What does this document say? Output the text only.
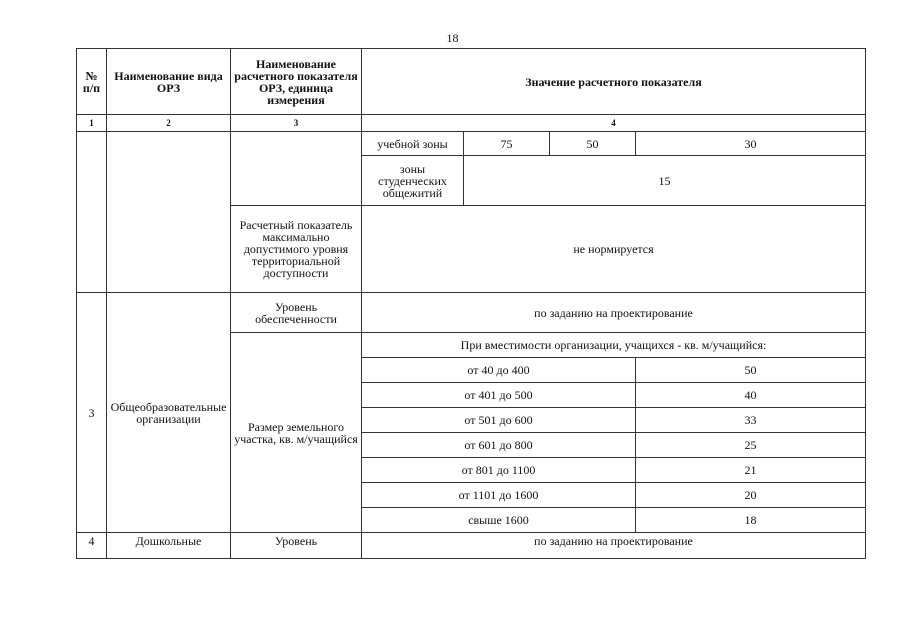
18
№ п/п	Наименование вида ОРЗ	Наименование расчетного показателя ОРЗ, единица измерения	Значение расчетного показателя			
1	2	3	4			
			учебной зоны	75	50	30
			зоны студенческих общежитий	15		
		Расчетный показатель максимально допустимого уровня территориальной доступности	не нормируется			
3	Общеобразовательные организации	Уровень обеспеченности	по заданию на проектирование			
		Размер земельного участка, кв. м/учащийся	При вместимости организации, учащихся - кв. м/учащийся:			
			от 40 до 400			50
			от 401 до 500			40
			от 501 до 600			33
			от 601 до 800			25
			от 801 до 1100			21
			от 1101 до 1600			20
			свыше 1600			18
4	Дошкольные	Уровень	по заданию на проектирование			
